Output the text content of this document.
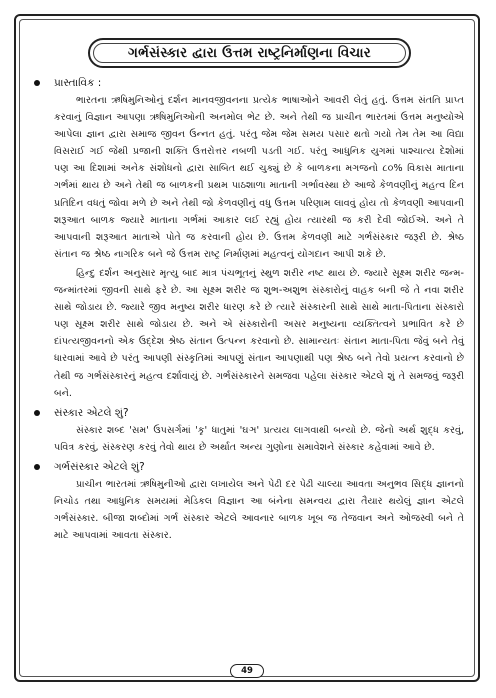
ગર્ભસંસ્કાર દ્વારા ઉત્તમ રાષ્ટ્રનિર્માણના વિચાર
પ્રાસ્તાવિક :

ભારતના ઋષિમુનિઓનું દર્શન માનવજીવનના પ્રત્યેક ભાષાઓને આવરી લેતું હતું. ઉત્તમ સંતતિ પ્રાપ્ત કરવાનું વિજ્ઞાન આપણા ઋષિમુનિઓની અનમોલ ભેટ છે. અને તેથી જ પ્રાચીન ભારતમાં ઉત્તમ મનુષ્યોએ આપેલા જ્ઞાન દ્વારા સમાજ જીવન ઉન્નત હતું. પરંતુ જેમ જેમ સમય પસાર થતો ગયો તેમ તેમ આ વિદ્યા વિસરાઈ ગઈ જેથી પ્રજાની શક્તિ ઉત્તરોત્તર નબળી પડતી ગઈ. પરંતુ આધુનિક યુગમાં પાશ્ચાત્ય દેશોમાં પણ આ દિશામાં અનેક સંશોધનો દ્વારા સાબિત થઈ ચુક્યું છે કે બાળકના મગજનો ૮૦% વિકાસ માતાના ગર્ભમાં થાય છે અને તેથી જ બાળકની પ્રથમ પાઠશાળા માતાની ગર્ભાવસ્થા છે આજે કેળવણીનું મહત્વ દિન પ્રતિદિન વધતું જોવા મળે છે અને તેથી જો કેળવણીનું વધુ ઉત્તમ પરિણામ લાવવું હોય તો કેળવણી આપવાની શરૂઆત બાળક જ્યારે માતાના ગર્ભમાં આકાર લઈ રહ્યું હોય ત્યારથી જ કરી દેવી જોઈએ. અને તે આપવાની શરૂઆત માતાએ પોતે જ કરવાની હોય છે. ઉત્તમ કેળવણી માટે ગર્ભસંસ્કાર જરૂરી છે. શ્રેષ્ઠ સંતાન જ શ્રેષ્ઠ નાગરિક બને જે ઉત્તમ રાષ્ટ્ર નિર્માણમાં મહત્વનું યોગદાન આપી શકે છે.

હિન્દુ દર્શન અનુસાર મૃત્યુ બાદ માત્ર પંચભૂતનું સ્થુળ શરીર નષ્ટ થાય છે. જ્યારે સૂક્ષ્મ શરીર જન્મ-જન્માંતરમાં જીવની સાથે ફરે છે. આ સૂક્ષ્મ શરીર જ શુભ-અશુભ સંસ્કારોનું વાહક બની જે તે નવા શરીર સાથે જોડાય છે. જ્યારે જીવ મનુષ્ય શરીર ધારણ કરે છે ત્યારે સંસ્કારની સાથે સાથે માતા-પિતાના સંસ્કારો પણ સૂક્ષ્મ શરીર સાથે જોડાય છે. અને એ સંસ્કારોની અસર મનુષ્યના વ્યક્તિત્વને પ્રભાવિત કરે છે દાંપત્યજીવનનો એક ઉદ્દેશ શ્રેષ્ઠ સંતાન ઉત્પન્ન કરવાનો છે. સામાન્યતઃ સંતાન માતા-પિતા જેવું બને તેવું ધારવામાં આવે છે પરંતુ આપણી સંસ્કૃતિમાં આપણું સંતાન આપણાથી પણ શ્રેષ્ઠ બને તેવો પ્રયત્ન કરવાનો છે તેથી જ ગર્ભસંસ્કારનું મહત્વ દર્શાવાયું છે. ગર્ભસંસ્કારને સમજવા પહેલા સંસ્કાર એટલે શું તે સમજવું જરૂરી બને.

સંસ્કાર એટલે શું?

સંસ્કાર શબ્દ 'સમ' ઉપસર્ગમાં 'કૃ' ધાતુમાં 'ઘઞ' પ્રત્યય લાગવાથી બન્યો છે. જેનો અર્થ શુદ્ધ કરવું, પવિત્ર કરવું, સંસ્કરણ કરવું તેવો થાય છે અર્થાત અન્ય ગુણોના સમાવેશને સંસ્કાર કહેવામાં આવે છે.

ગર્ભસંસ્કાર એટલે શું?

પ્રાચીન ભારતમાં ઋષિમુનીઓ દ્વારા લખાયેલ અને પેઢી દર પેઢી ચાલ્યા આવતા અનુભવ સિદ્ધ જ્ઞાનનો નિચોડ તથા આધુનિક સમયમાં મેડિકલ વિજ્ઞાન આ બંનેના સમન્વય દ્વારા તૈયાર થયેલું જ્ઞાન એટલે ગર્ભસંસ્કાર. બીજા શબ્દોમાં ગર્ભ સંસ્કાર એટલે આવનાર બાળક ખૂબ જ તેજવાન અને ઓજસ્વી બને તે માટે આપવામાં આવતા સંસ્કાર.

49
